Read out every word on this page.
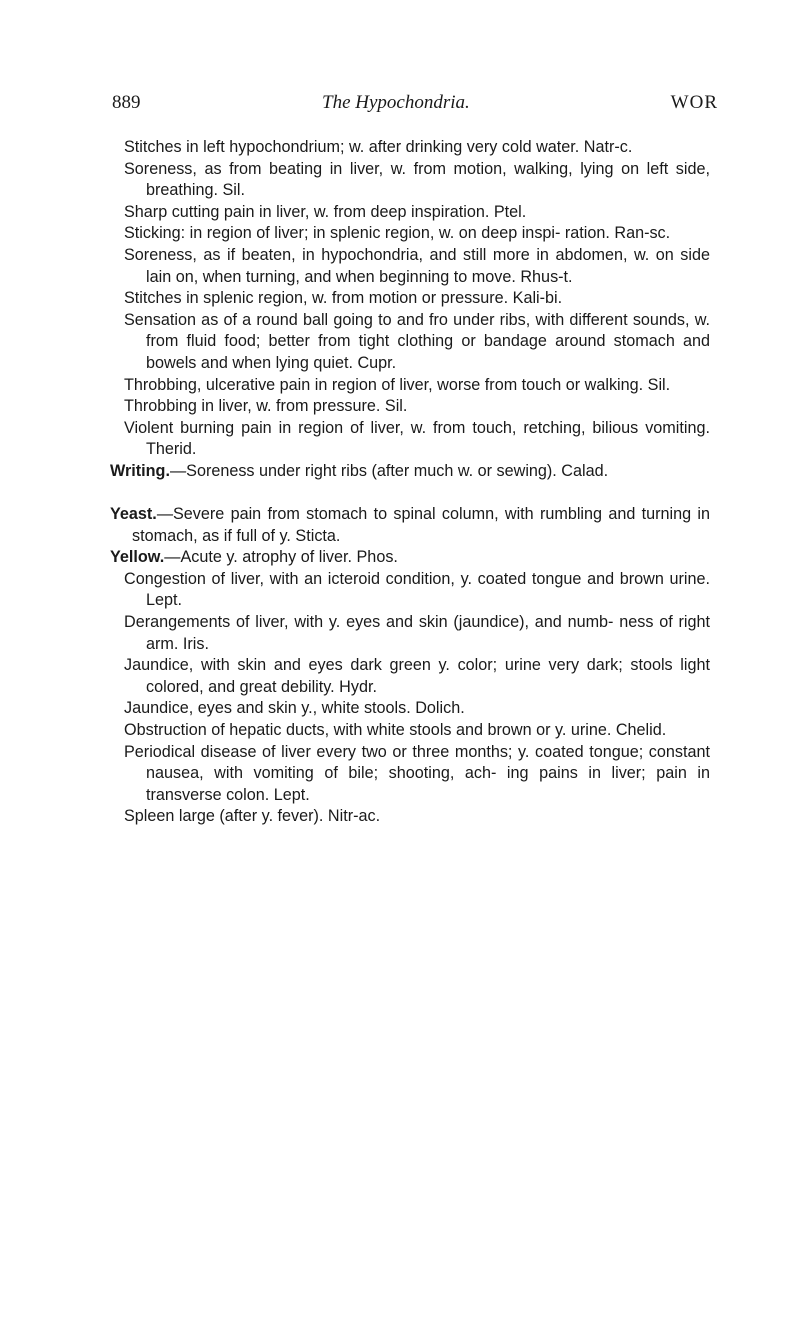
889	The Hypochondria.	WOR

Stitches in left hypochondrium; w. after drinking very cold water. Natr-c.

Soreness, as from beating in liver, w. from motion, walking, lying on left side, breathing. Sil.

Sharp cutting pain in liver, w. from deep inspiration. Ptel.

Sticking: in region of liver; in splenic region, w. on deep inspi- ration. Ran-sc.

Soreness, as if beaten, in hypochondria, and still more in abdomen, w. on side lain on, when turning, and when beginning to move. Rhus-t.

Stitches in splenic region, w. from motion or pressure. Kali-bi.

Sensation as of a round ball going to and fro under ribs, with different sounds, w. from fluid food; better from tight clothing or bandage around stomach and bowels and when lying quiet. Cupr.

Throbbing, ulcerative pain in region of liver, worse from touch or walking. Sil.

Throbbing in liver, w. from pressure. Sil.

Violent burning pain in region of liver, w. from touch, retching, bilious vomiting. Therid.

Writing.—Soreness under right ribs (after much w. or sewing). Calad.

Yeast.—Severe pain from stomach to spinal column, with rumbling and turning in stomach, as if full of y. Sticta.

Yellow.—Acute y. atrophy of liver. Phos.

Congestion of liver, with an icteroid condition, y. coated tongue and brown urine. Lept.

Derangements of liver, with y. eyes and skin (jaundice), and numb- ness of right arm. Iris.

Jaundice, with skin and eyes dark green y. color; urine very dark; stools light colored, and great debility. Hydr.

Jaundice, eyes and skin y., white stools. Dolich.

Obstruction of hepatic ducts, with white stools and brown or y. urine. Chelid.

Periodical disease of liver every two or three months; y. coated tongue; constant nausea, with vomiting of bile; shooting, ach- ing pains in liver; pain in transverse colon. Lept.

Spleen large (after y. fever). Nitr-ac.
